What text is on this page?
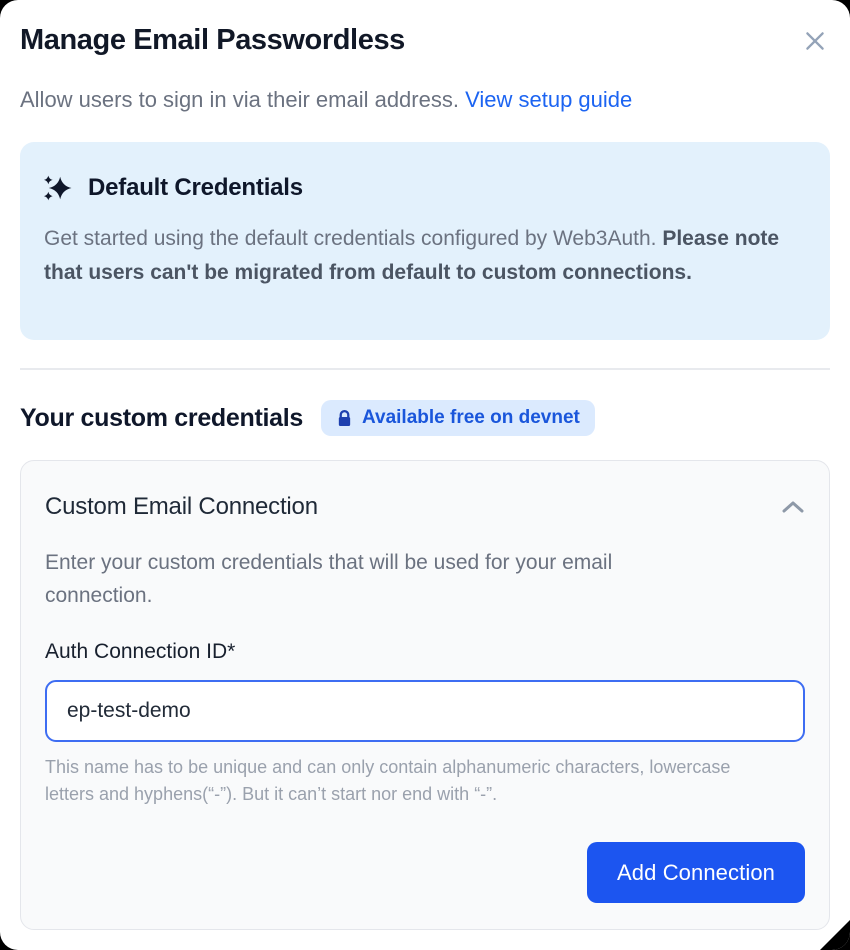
Manage Email Passwordless
Allow users to sign in via their email address. View setup guide
Default Credentials

Get started using the default credentials configured by Web3Auth. Please note that users can't be migrated from default to custom connections.

Your custom credentials	Available free on devnet
Custom Email Connection

Enter your custom credentials that will be used for your email connection.

Auth Connection ID*
ep-test-demo

This name has to be unique and can only contain alphanumeric characters, lowercase letters and hyphens(“-”). But it can’t start nor end with “-”.

Add Connection
